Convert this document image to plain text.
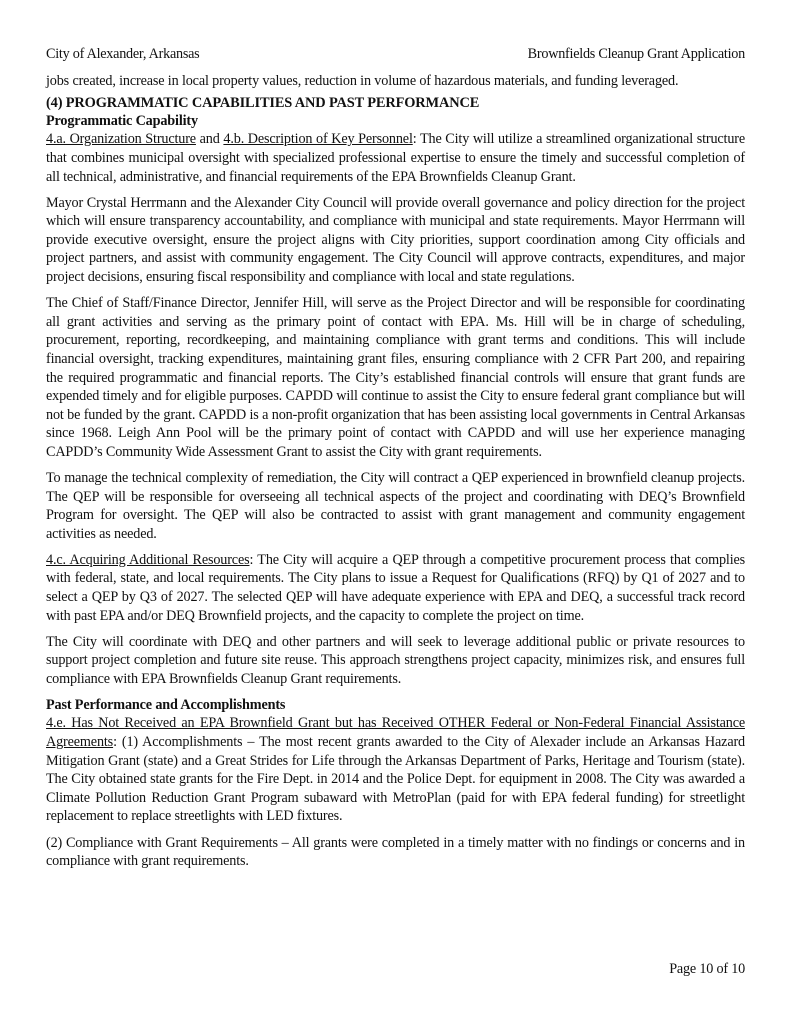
City of Alexander, Arkansas	Brownfields Cleanup Grant Application

jobs created, increase in local property values, reduction in volume of hazardous materials, and funding leveraged.

(4) PROGRAMMATIC CAPABILITIES AND PAST PERFORMANCE
Programmatic Capability

4.a. Organization Structure and 4.b. Description of Key Personnel: The City will utilize a streamlined organizational structure that combines municipal oversight with specialized professional expertise to ensure the timely and successful completion of all technical, administrative, and financial requirements of the EPA Brownfields Cleanup Grant.

Mayor Crystal Herrmann and the Alexander City Council will provide overall governance and policy direction for the project which will ensure transparency accountability, and compliance with municipal and state requirements. Mayor Herrmann will provide executive oversight, ensure the project aligns with City priorities, support coordination among City officials and project partners, and assist with community engagement. The City Council will approve contracts, expenditures, and major project decisions, ensuring fiscal responsibility and compliance with local and state regulations.

The Chief of Staff/Finance Director, Jennifer Hill, will serve as the Project Director and will be responsible for coordinating all grant activities and serving as the primary point of contact with EPA. Ms. Hill will be in charge of scheduling, procurement, reporting, recordkeeping, and maintaining compliance with grant terms and conditions. This will include financial oversight, tracking expenditures, maintaining grant files, ensuring compliance with 2 CFR Part 200, and repairing the required programmatic and financial reports. The City’s established financial controls will ensure that grant funds are expended timely and for eligible purposes. CAPDD will continue to assist the City to ensure federal grant compliance but will not be funded by the grant. CAPDD is a non-profit organization that has been assisting local governments in Central Arkansas since 1968. Leigh Ann Pool will be the primary point of contact with CAPDD and will use her experience managing CAPDD’s Community Wide Assessment Grant to assist the City with grant requirements.

To manage the technical complexity of remediation, the City will contract a QEP experienced in brownfield cleanup projects. The QEP will be responsible for overseeing all technical aspects of the project and coordinating with DEQ’s Brownfield Program for oversight. The QEP will also be contracted to assist with grant management and community engagement activities as needed.

4.c. Acquiring Additional Resources: The City will acquire a QEP through a competitive procurement process that complies with federal, state, and local requirements. The City plans to issue a Request for Qualifications (RFQ) by Q1 of 2027 and to select a QEP by Q3 of 2027. The selected QEP will have adequate experience with EPA and DEQ, a successful track record with past EPA and/or DEQ Brownfield projects, and the capacity to complete the project on time.

The City will coordinate with DEQ and other partners and will seek to leverage additional public or private resources to support project completion and future site reuse. This approach strengthens project capacity, minimizes risk, and ensures full compliance with EPA Brownfields Cleanup Grant requirements.

Past Performance and Accomplishments

4.e. Has Not Received an EPA Brownfield Grant but has Received OTHER Federal or Non-Federal Financial Assistance Agreements: (1) Accomplishments – The most recent grants awarded to the City of Alexader include an Arkansas Hazard Mitigation Grant (state) and a Great Strides for Life through the Arkansas Department of Parks, Heritage and Tourism (state). The City obtained state grants for the Fire Dept. in 2014 and the Police Dept. for equipment in 2008. The City was awarded a Climate Pollution Reduction Grant Program subaward with MetroPlan (paid for with EPA federal funding) for streetlight replacement to replace streetlights with LED fixtures.

(2) Compliance with Grant Requirements – All grants were completed in a timely matter with no findings or concerns and in compliance with grant requirements.

Page 10 of 10
